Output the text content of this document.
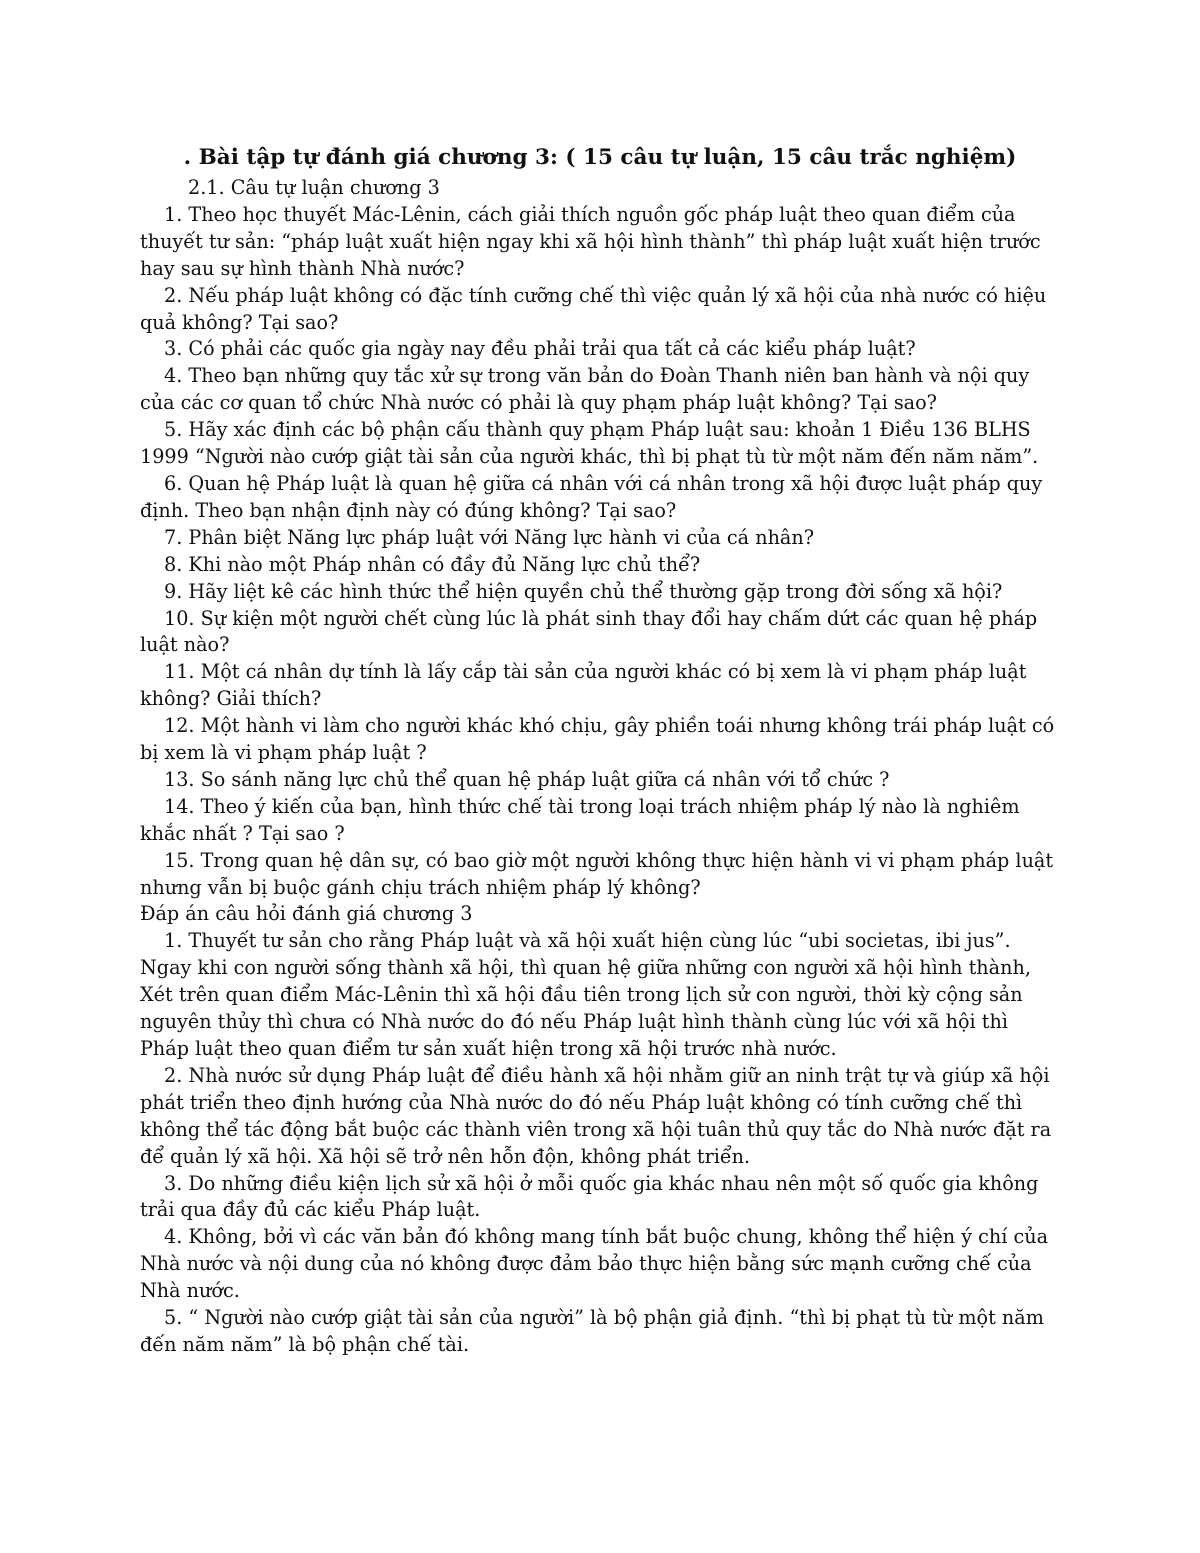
. Bài tập tự đánh giá chương 3: ( 15 câu tự luận, 15 câu trắc nghiệm)

2.1. Câu tự luận chương 3

1. Theo học thuyết Mác-Lênin, cách giải thích nguồn gốc pháp luật theo quan điểm của thuyết tư sản: “pháp luật xuất hiện ngay khi xã hội hình thành” thì pháp luật xuất hiện trước hay sau sự hình thành Nhà nước?

2. Nếu pháp luật không có đặc tính cưỡng chế thì việc quản lý xã hội của nhà nước có hiệu quả không? Tại sao?

3. Có phải các quốc gia ngày nay đều phải trải qua tất cả các kiểu pháp luật?

4. Theo bạn những quy tắc xử sự trong văn bản do Đoàn Thanh niên ban hành và nội quy của các cơ quan tổ chức Nhà nước có phải là quy phạm pháp luật không? Tại sao?

5. Hãy xác định các bộ phận cấu thành quy phạm Pháp luật sau: khoản 1 Điều 136 BLHS 1999 “Người nào cướp giật tài sản của người khác, thì bị phạt tù từ một năm đến năm năm”.

6. Quan hệ Pháp luật là quan hệ giữa cá nhân với cá nhân trong xã hội được luật pháp quy định. Theo bạn nhận định này có đúng không? Tại sao?

7. Phân biệt Năng lực pháp luật với Năng lực hành vi của cá nhân?

8. Khi nào một Pháp nhân có đầy đủ Năng lực chủ thể?

9. Hãy liệt kê các hình thức thể hiện quyền chủ thể thường gặp trong đời sống xã hội?

10. Sự kiện một người chết cùng lúc là phát sinh thay đổi hay chấm dứt các quan hệ pháp luật nào?

11. Một cá nhân dự tính là lấy cắp tài sản của người khác có bị xem là vi phạm pháp luật không? Giải thích?

12. Một hành vi làm cho người khác khó chịu, gây phiền toái nhưng không trái pháp luật có bị xem là vi phạm pháp luật ?

13. So sánh năng lực chủ thể quan hệ pháp luật giữa cá nhân với tổ chức ?

14. Theo ý kiến của bạn, hình thức chế tài trong loại trách nhiệm pháp lý nào là nghiêm khắc nhất ? Tại sao ?

15. Trong quan hệ dân sự, có bao giờ một người không thực hiện hành vi vi phạm pháp luật nhưng vẫn bị buộc gánh chịu trách nhiệm pháp lý không?

Đáp án câu hỏi đánh giá chương 3

1. Thuyết tư sản cho rằng Pháp luật và xã hội xuất hiện cùng lúc “ubi societas, ibi jus”. Ngay khi con người sống thành xã hội, thì quan hệ giữa những con người xã hội hình thành, Xét trên quan điểm Mác-Lênin thì xã hội đầu tiên trong lịch sử con người, thời kỳ cộng sản nguyên thủy thì chưa có Nhà nước do đó nếu Pháp luật hình thành cùng lúc với xã hội thì Pháp luật theo quan điểm tư sản xuất hiện trong xã hội trước nhà nước.

2. Nhà nước sử dụng Pháp luật để điều hành xã hội nhằm giữ an ninh trật tự và giúp xã hội phát triển theo định hướng của Nhà nước do đó nếu Pháp luật không có tính cưỡng chế thì không thể tác động bắt buộc các thành viên trong xã hội tuân thủ quy tắc do Nhà nước đặt ra để quản lý xã hội. Xã hội sẽ trở nên hỗn độn, không phát triển.

3. Do những điều kiện lịch sử xã hội ở mỗi quốc gia khác nhau nên một số quốc gia không trải qua đầy đủ các kiểu Pháp luật.

4. Không, bởi vì các văn bản đó không mang tính bắt buộc chung, không thể hiện ý chí của Nhà nước và nội dung của nó không được đảm bảo thực hiện bằng sức mạnh cưỡng chế của Nhà nước.

5. “ Người nào cướp giật tài sản của người” là bộ phận giả định. “thì bị phạt tù từ một năm đến năm năm” là bộ phận chế tài.
